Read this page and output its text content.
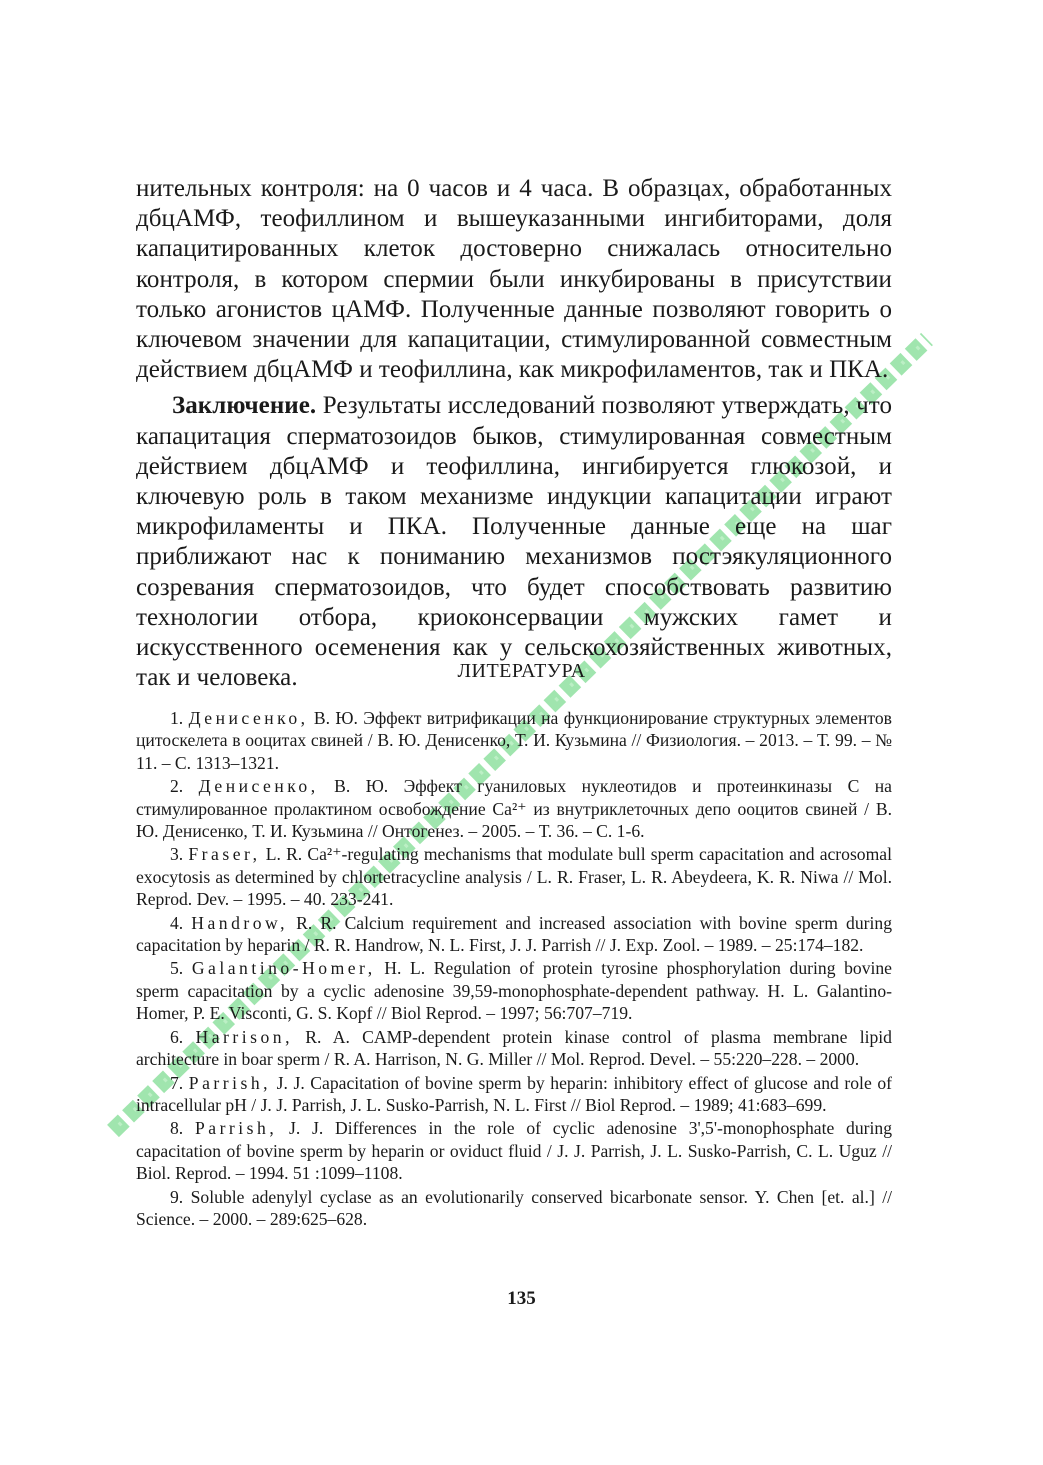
нительных контроля: на 0 часов и 4 часа. В образцах, обработанных дбцАМФ, теофиллином и вышеуказанными ингибиторами, доля капацитированных клеток достоверно снижалась относительно контроля, в котором спермии были инкубированы в присутствии только агонистов цАМФ. Полученные данные позволяют говорить о ключевом значении для капацитации, стимулированной совместным действием дбцАМФ и теофиллина, как микрофиламентов, так и ПКА.

Заключение. Результаты исследований позволяют утверждать, что капацитация сперматозоидов быков, стимулированная совместным действием дбцАМФ и теофиллина, ингибируется глюкозой, и ключевую роль в таком механизме индукции капацитации играют микрофиламенты и ПКА. Полученные данные еще на шаг приближают нас к пониманию механизмов постэякуляционного созревания сперматозоидов, что будет способствовать развитию технологии отбора, криоконсервации мужских гамет и искусственного осеменения как у сельскохозяйственных животных, так и человека.	ЛИТЕРАТУРА
1. Денисенко, В. Ю. Эффект витрификации на функционирование структурных элементов цитоскелета в ооцитах свиней / В. Ю. Денисенко, Т. И. Кузьмина // Физиология. – 2013. – Т. 99. – № 11. – С. 1313–1321.
2. Денисенко, В. Ю. Эффект гуаниловых нуклеотидов и протеинкиназы С на стимулированное пролактином освобождение Ca²⁺ из внутриклеточных депо ооцитов свиней / В. Ю. Денисенко, Т. И. Кузьмина // Онтогенез. – 2005. – Т. 36. – С. 1-6.
3. Fraser, L. R. Ca²⁺-regulating mechanisms that modulate bull sperm capacitation and acrosomal exocytosis as determined by chlortetracycline analysis / L. R. Fraser, L. R. Abeydeera, K. R. Niwa // Mol. Reprod. Dev. – 1995. – 40. 233-241.
4. Handrow, R. R. Calcium requirement and increased association with bovine sperm during capacitation by heparin / R. R. Handrow, N. L. First, J. J. Parrish // J. Exp. Zool. – 1989. – 25:174–182.
5. Galantino-Homer, H. L. Regulation of protein tyrosine phosphorylation during bovine sperm capacitation by a cyclic adenosine 39,59-monophosphate-dependent pathway. H. L. Galantino-Homer, P. E. Visconti, G. S. Kopf // Biol Reprod. – 1997; 56:707–719.
6. Harrison, R. A. CAMP-dependent protein kinase control of plasma membrane lipid architecture in boar sperm / R. A. Harrison, N. G. Miller // Mol. Reprod. Devel. – 55:220–228. – 2000.
7. Parrish, J. J. Capacitation of bovine sperm by heparin: inhibitory effect of glucose and role of intracellular pH / J. J. Parrish, J. L. Susko-Parrish, N. L. First // Biol Reprod. – 1989; 41:683–699.
8. Parrish, J. J. Differences in the role of cyclic adenosine 3',5'-monophosphate during capacitation of bovine sperm by heparin or oviduct fluid / J. J. Parrish, J. L. Susko-Parrish, C. L. Uguz // Biol. Reprod. – 1994. 51 :1099–1108.
9. Soluble adenylyl cyclase as an evolutionarily conserved bicarbonate sensor. Y. Chen [et. al.] // Science. – 2000. – 289:625–628.
135
